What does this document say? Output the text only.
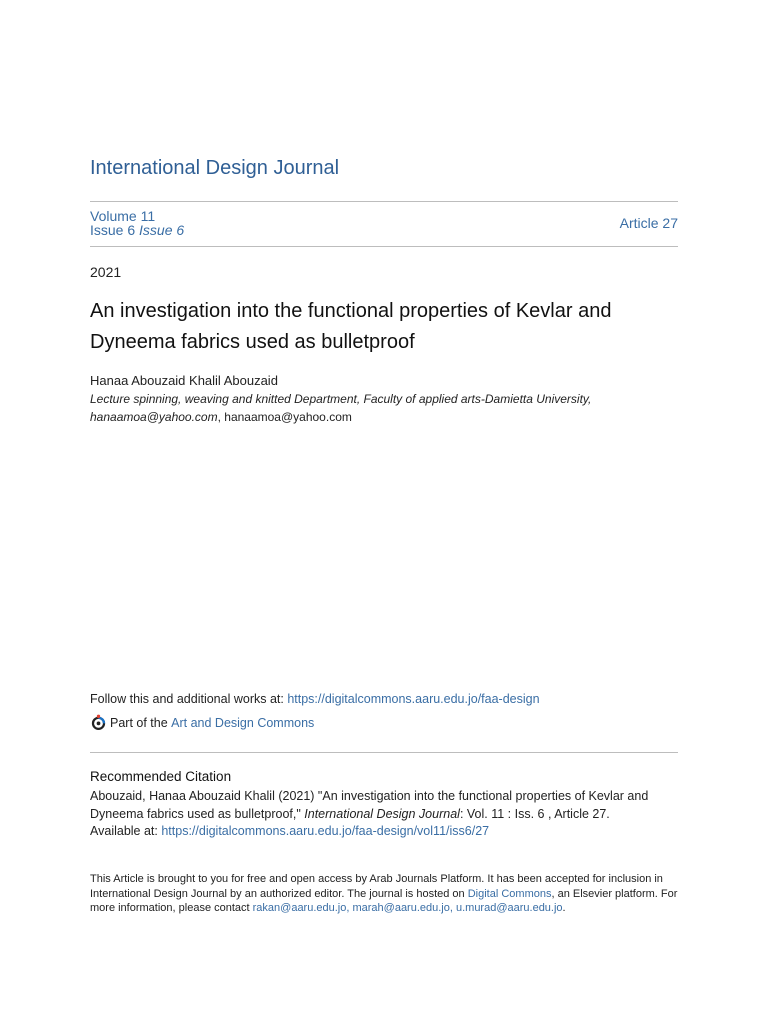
International Design Journal
Volume 11
Issue 6 Issue 6	Article 27
2021
An investigation into the functional properties of Kevlar and Dyneema fabrics used as bulletproof
Hanaa Abouzaid Khalil Abouzaid
Lecture spinning, weaving and knitted Department, Faculty of applied arts-Damietta University, hanaamoa@yahoo.com, hanaamoa@yahoo.com
Follow this and additional works at: https://digitalcommons.aaru.edu.jo/faa-design
Part of the Art and Design Commons
Recommended Citation
Abouzaid, Hanaa Abouzaid Khalil (2021) "An investigation into the functional properties of Kevlar and Dyneema fabrics used as bulletproof," International Design Journal: Vol. 11 : Iss. 6 , Article 27.
Available at: https://digitalcommons.aaru.edu.jo/faa-design/vol11/iss6/27
This Article is brought to you for free and open access by Arab Journals Platform. It has been accepted for inclusion in International Design Journal by an authorized editor. The journal is hosted on Digital Commons, an Elsevier platform. For more information, please contact rakan@aaru.edu.jo, marah@aaru.edu.jo, u.murad@aaru.edu.jo.
